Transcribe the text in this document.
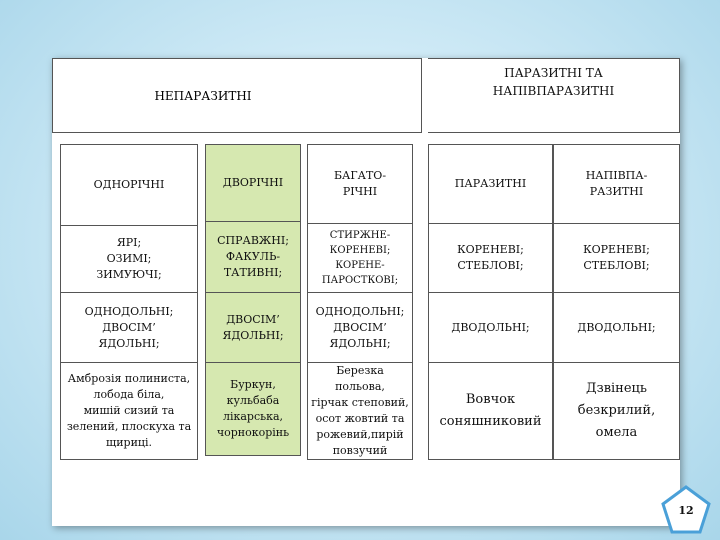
НЕПАРАЗИТНІ
ПАРАЗИТНІ ТА
НАПІВПАРАЗИТНІ
ОДНОРІЧНІ
ЯРІ;
ОЗИМІ;
ЗИМУЮЧІ;
ОДНОДОЛЬНІ;
ДВОСІМ’
ЯДОЛЬНІ;
Амброзія полиниста,
лобода біла,
мишій сизий та
зелений, плоскуха та
щириці.
ДВОРІЧНІ
СПРАВЖНІ;
ФАКУЛЬ-
ТАТИВНІ;
ДВОСІМ’
ЯДОЛЬНІ;
Буркун,
кульбаба
лікарська,
чорнокорінь
БАГАТО-
РІЧНІ
СТИРЖНЕ-
КОРЕНЕВІ;
КОРЕНЕ-
ПАРОСТКОВІ;
ОДНОДОЛЬНІ;
ДВОСІМ’
ЯДОЛЬНІ;
Березка польова,
гірчак степовий,
осот жовтий та
рожевий,пирій
повзучий
ПАРАЗИТНІ
КОРЕНЕВІ;
СТЕБЛОВІ;
ДВОДОЛЬНІ;
Вовчок
соняшниковий
НАПІВПА-
РАЗИТНІ
КОРЕНЕВІ;
СТЕБЛОВІ;
ДВОДОЛЬНІ;
Дзвінець
безкрилий, омела
12
